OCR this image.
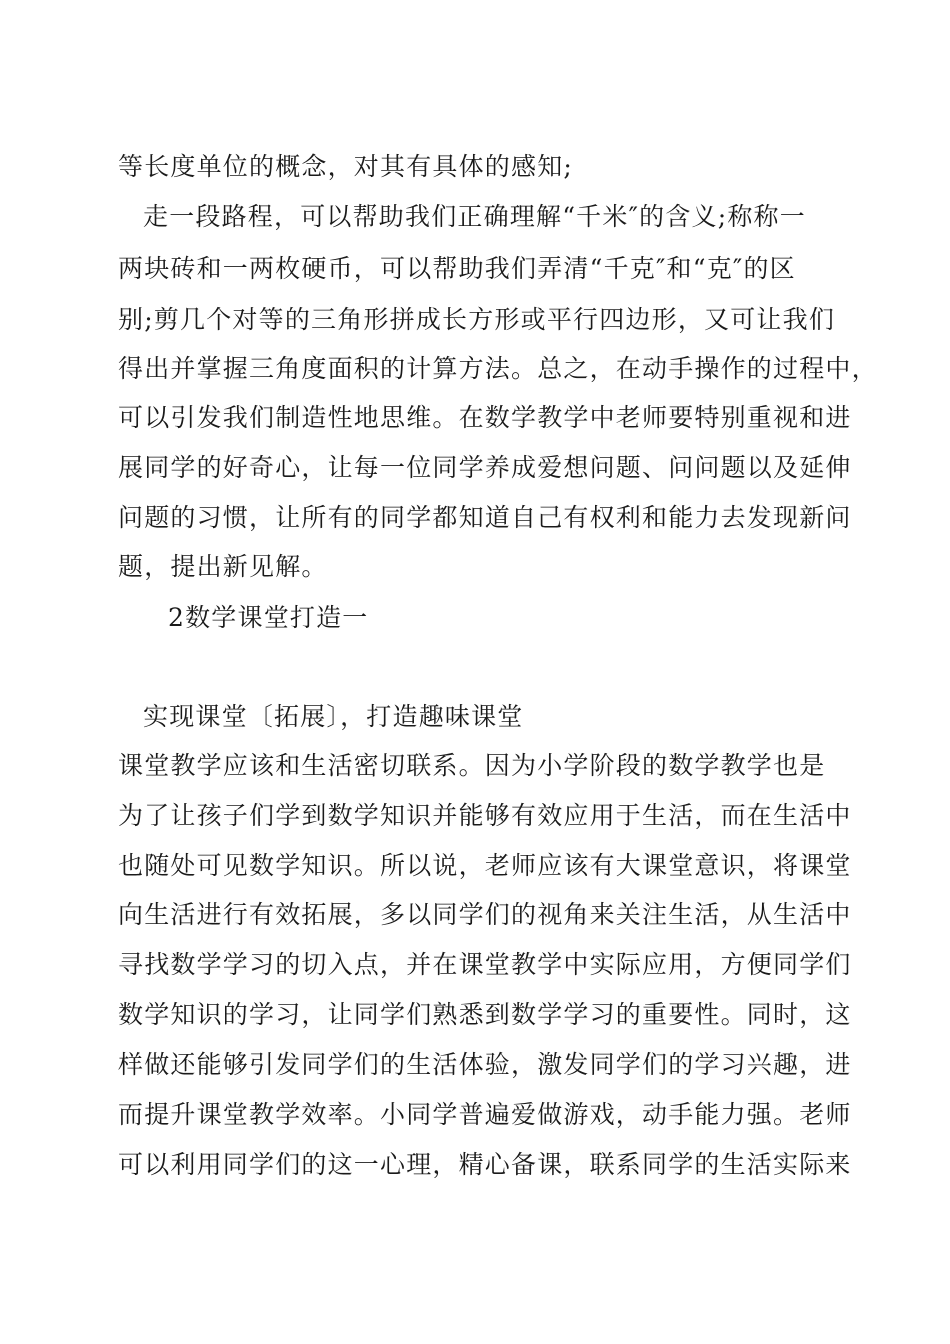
等长度单位的概念，对其有具体的感知;
走一段路程，可以帮助我们正确理解“千米″的含义;称称一
两块砖和一两枚硬币，可以帮助我们弄清“千克″和“克″的区
别;剪几个对等的三角形拼成长方形或平行四边形，又可让我们
得出并掌握三角度面积的计算方法。总之，在动手操作的过程中，
可以引发我们制造性地思维。在数学教学中老师要特别重视和进
展同学的好奇心，让每一位同学养成爱想问题、问问题以及延伸
问题的习惯，让所有的同学都知道自己有权利和能力去发现新问
题，提出新见解。
2数学课堂打造一
实现课堂〔拓展〕，打造趣味课堂
课堂教学应该和生活密切联系。因为小学阶段的数学教学也是
为了让孩子们学到数学知识并能够有效应用于生活，而在生活中
也随处可见数学知识。所以说，老师应该有大课堂意识，将课堂
向生活进行有效拓展，多以同学们的视角来关注生活，从生活中
寻找数学学习的切入点，并在课堂教学中实际应用，方便同学们
数学知识的学习，让同学们熟悉到数学学习的重要性。同时，这
样做还能够引发同学们的生活体验，激发同学们的学习兴趣，进
而提升课堂教学效率。小同学普遍爱做游戏，动手能力强。老师
可以利用同学们的这一心理，精心备课，联系同学的生活实际来
